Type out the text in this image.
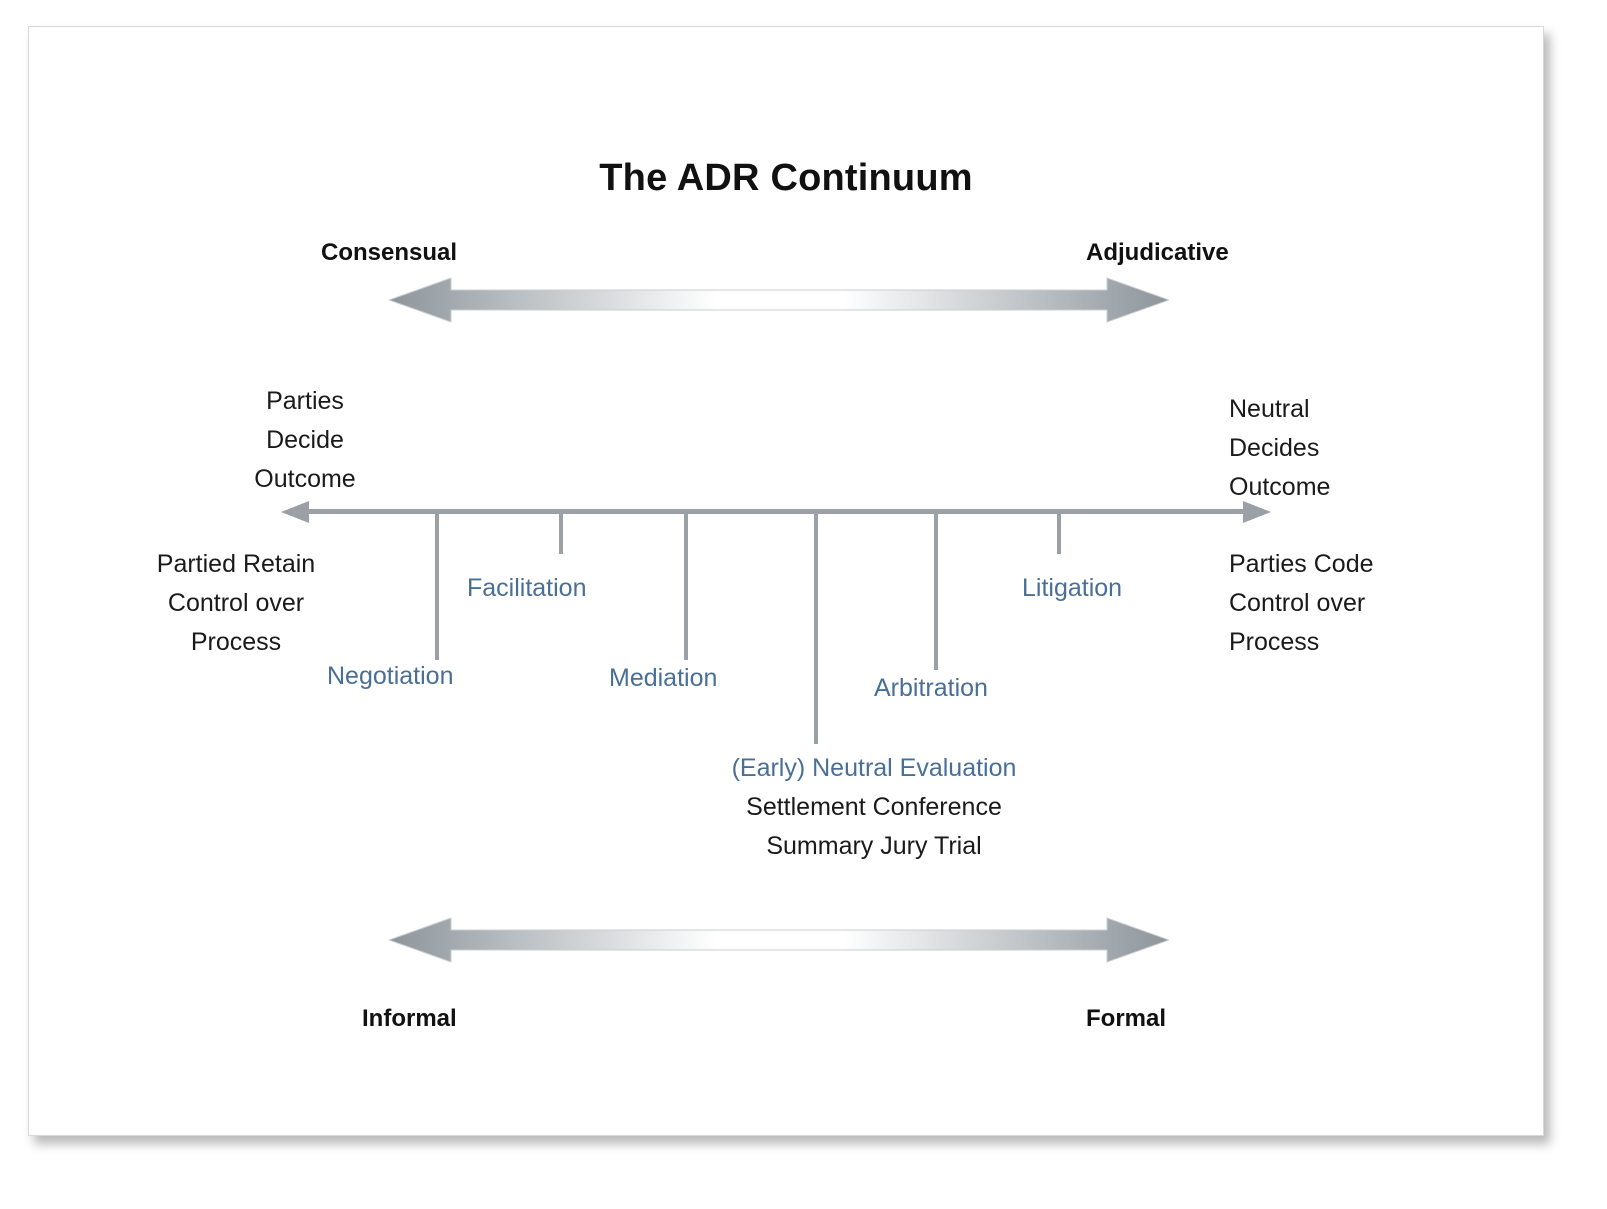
The ADR Continuum
Consensual	Adjudicative
Parties
Decide
Outcome
Neutral
Decides
Outcome
Partied Retain
Control over
Process
Parties Code
Control over
Process
Negotiation
Facilitation
Mediation	Arbitration
Litigation
(Early) Neutral Evaluation
Settlement Conference
Summary Jury Trial
Informal	Formal
